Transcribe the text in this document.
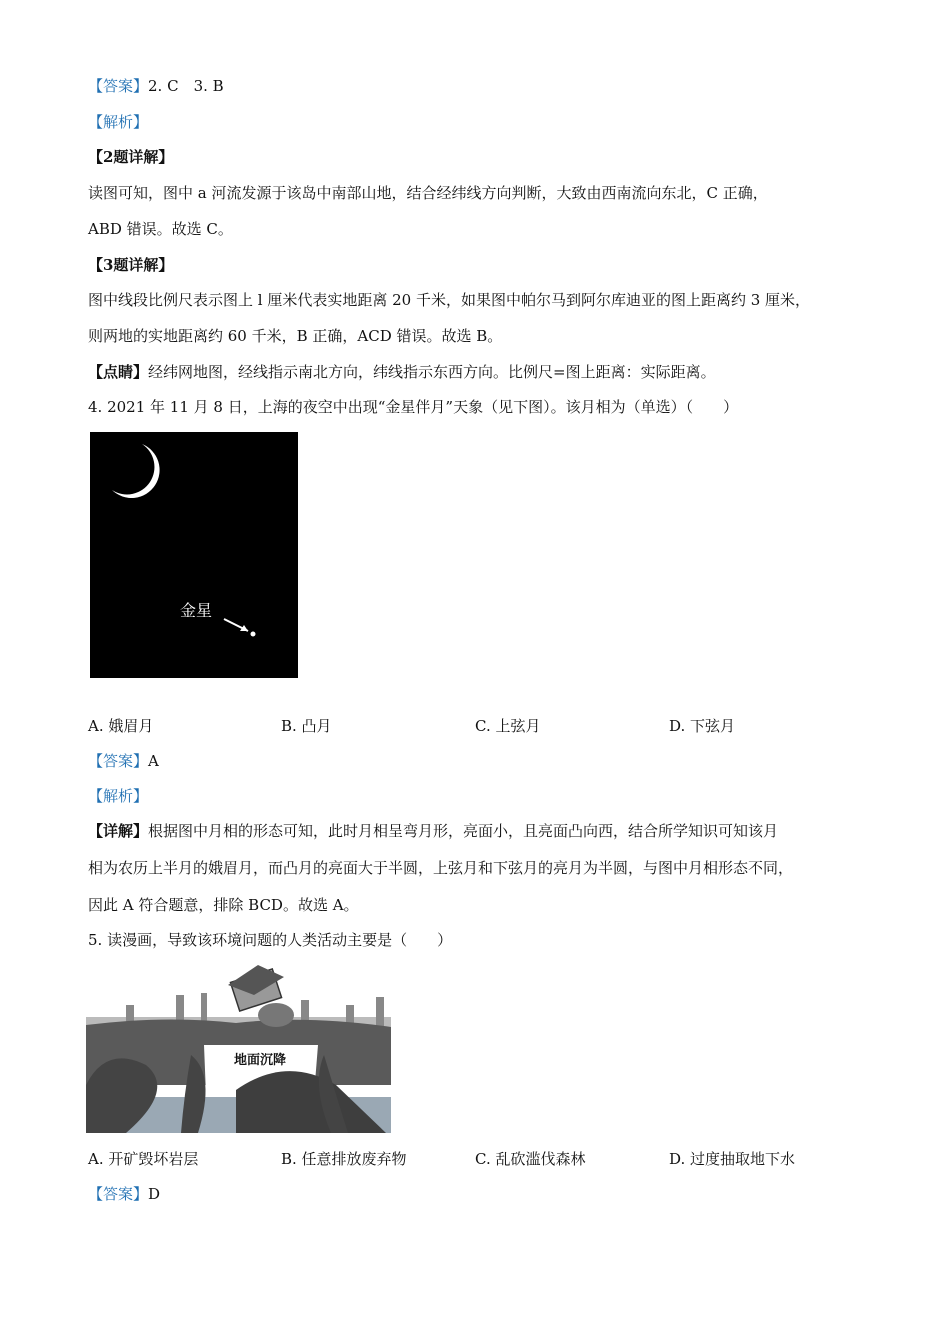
【答案】2. C　3. B
【解析】
【2题详解】
读图可知，图中 a 河流发源于该岛中南部山地，结合经纬线方向判断，大致由西南流向东北，C 正确，
ABD 错误。故选 C。
【3题详解】
图中线段比例尺表示图上 l 厘米代表实地距离 20 千米，如果图中帕尔马到阿尔库迪亚的图上距离约 3 厘米，
则两地的实地距离约 60 千米，B 正确，ACD 错误。故选 B。
【点睛】经纬网地图，经线指示南北方向，纬线指示东西方向。比例尺=图上距离：实际距离。
4. 2021 年 11 月 8 日，上海的夜空中出现“金星伴月”天象（见下图）。该月相为（单选）（　　）
金星
A. 娥眉月	B. 凸月	C. 上弦月	D. 下弦月
【答案】A
【解析】
【详解】根据图中月相的形态可知，此时月相呈弯月形，亮面小，且亮面凸向西，结合所学知识可知该月
相为农历上半月的娥眉月，而凸月的亮面大于半圆，上弦月和下弦月的亮月为半圆，与图中月相形态不同，
因此 A 符合题意，排除 BCD。故选 A。
5. 读漫画，导致该环境问题的人类活动主要是（　　）
地面沉降
A. 开矿毁坏岩层	B. 任意排放废弃物	C. 乱砍滥伐森林	D. 过度抽取地下水
【答案】D
